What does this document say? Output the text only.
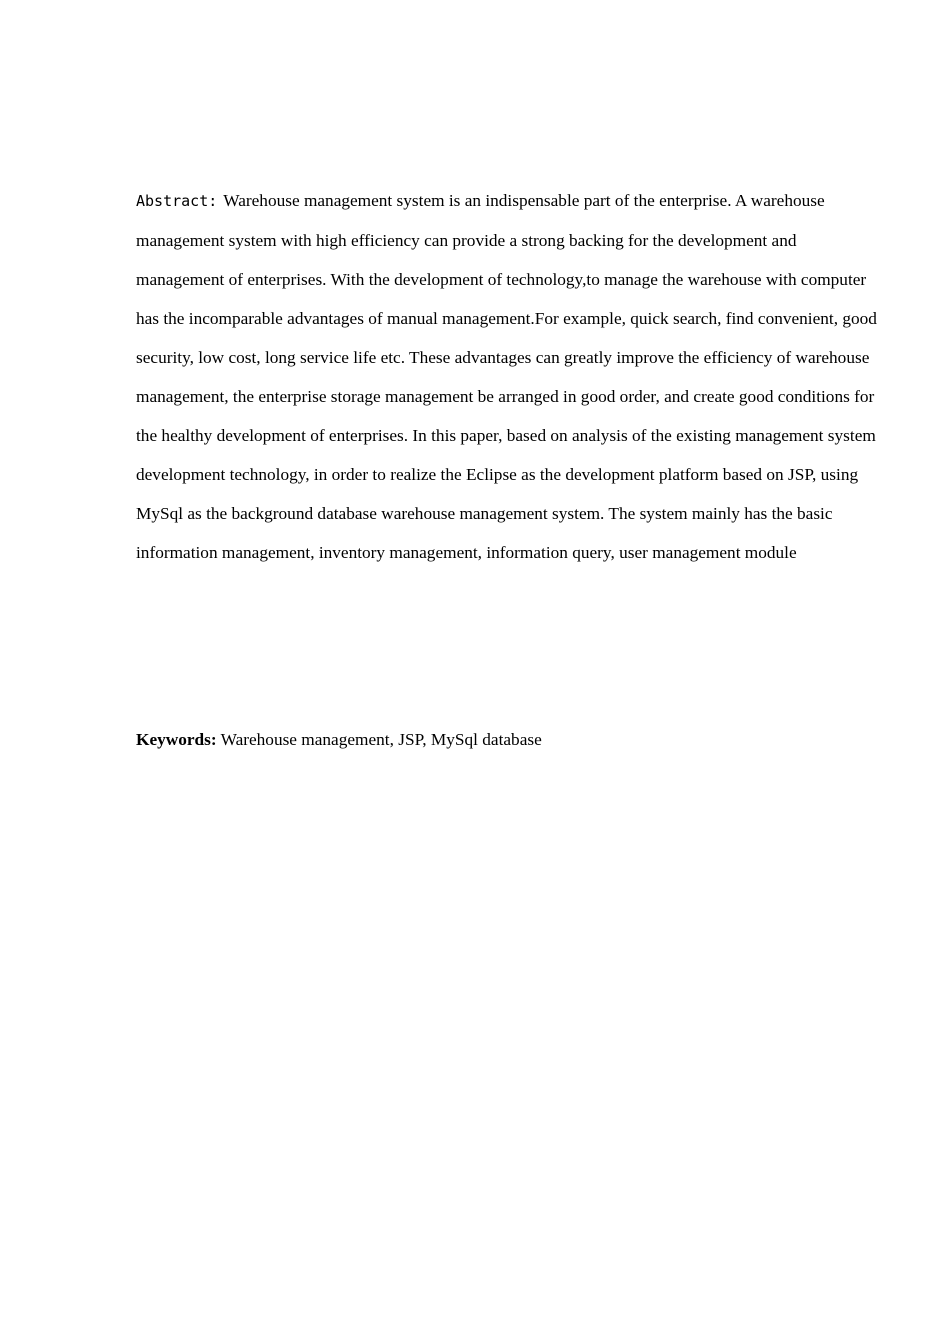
Abstract: Warehouse management system is an indispensable part of the enterprise. A warehouse management system with high efficiency can provide a strong backing for the development and management of enterprises. With the development of technology,to manage the warehouse with computer has the incomparable advantages of manual management.For example, quick search, find convenient, good security, low cost, long service life etc. These advantages can greatly improve the efficiency of warehouse management, the enterprise storage management be arranged in good order, and create good conditions for the healthy development of enterprises. In this paper, based on analysis of the existing management system development technology, in order to realize the Eclipse as the development platform based on JSP, using MySql as the background database warehouse management system. The system mainly has the basic information management, inventory management, information query, user management module

Keywords: Warehouse management, JSP, MySql database
